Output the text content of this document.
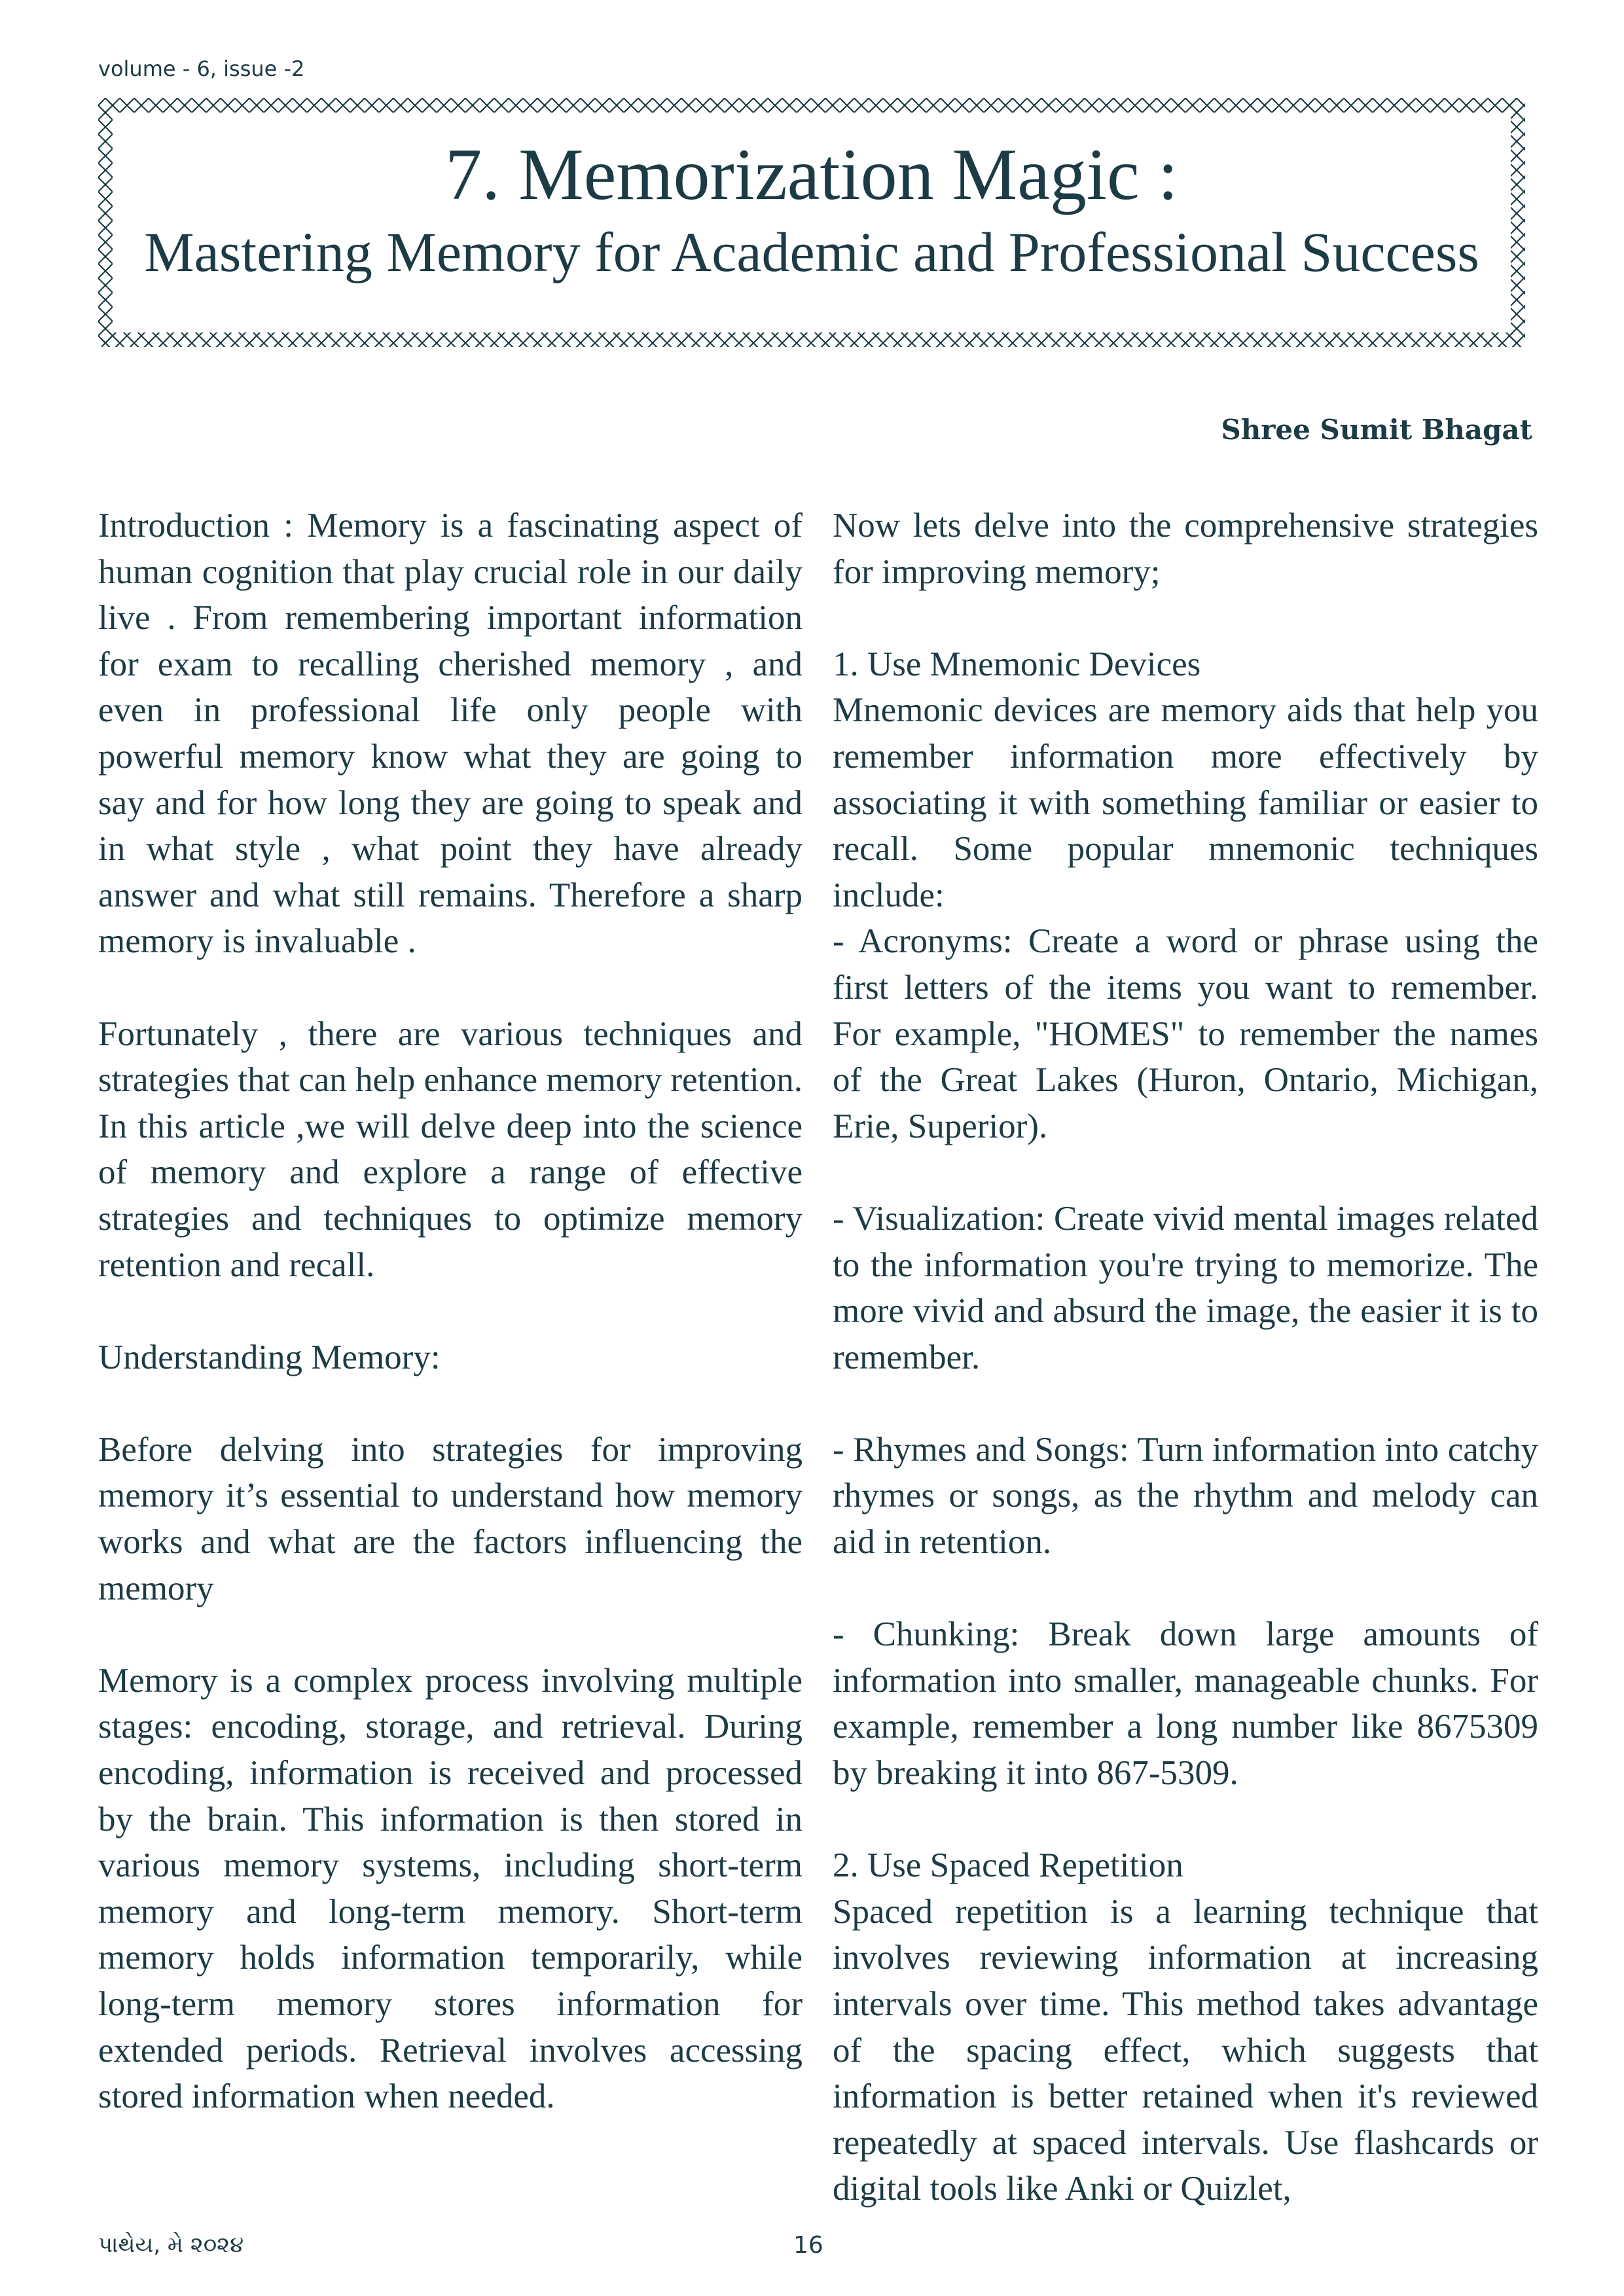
volume - 6, issue -2
7. Memorization Magic :
Mastering Memory for Academic and Professional Success
Shree Sumit Bhagat

Introduction : Memory is a fascinating aspect of human cognition that play crucial role in our daily live . From remembering important information for exam to recalling cherished memory , and even in professional life only people with powerful memory know what they are going to say and for how long they are going to speak and in what style , what point they have already answer and what still remains. Therefore a sharp memory is invaluable .

Fortunately , there are various techniques and strategies that can help enhance memory retention. In this article ,we will delve deep into the science of memory and explore a range of effective strategies and techniques to optimize memory retention and recall.

Understanding Memory:

Before delving into strategies for improving memory it’s essential to understand how memory works and what are the factors influencing the memory

Memory is a complex process involving multiple stages: encoding, storage, and retrieval. During encoding, information is received and processed by the brain. This information is then stored in various memory systems, including short-term memory and long-term memory. Short-term memory holds information temporarily, while long-term memory stores information for extended periods. Retrieval involves accessing stored information when needed.

Now lets delve into the comprehensive strategies for improving memory;

1. Use Mnemonic Devices

Mnemonic devices are memory aids that help you remember information more effectively by associating it with something familiar or easier to recall. Some popular mnemonic techniques include:

- Acronyms: Create a word or phrase using the first letters of the items you want to remember. For example, "HOMES" to remember the names of the Great Lakes (Huron, Ontario, Michigan, Erie, Superior).

- Visualization: Create vivid mental images related to the information you're trying to memorize. The more vivid and absurd the image, the easier it is to remember.

- Rhymes and Songs: Turn information into catchy rhymes or songs, as the rhythm and melody can aid in retention.

- Chunking: Break down large amounts of information into smaller, manageable chunks. For example, remember a long number like 8675309 by breaking it into 867-5309.

2. Use Spaced Repetition

Spaced repetition is a learning technique that involves reviewing information at increasing intervals over time. This method takes advantage of the spacing effect, which suggests that information is better retained when it's reviewed repeatedly at spaced intervals. Use flashcards or digital tools like Anki or Quizlet,

પાથેય, મે ૨૦૨૪	16
